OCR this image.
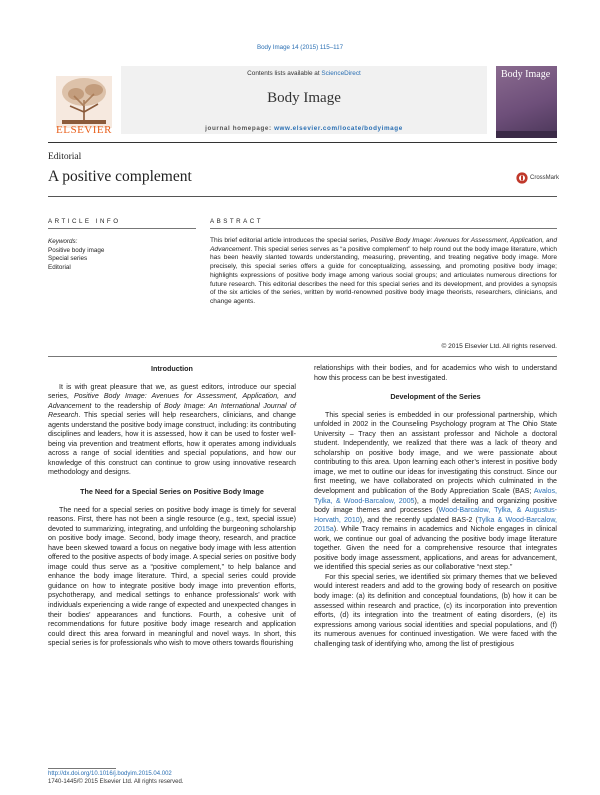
Body Image 14 (2015) 115–117
ELSEVIER
Contents lists available at ScienceDirect
Body Image
journal homepage: www.elsevier.com/locate/bodyimage
Body Image
Editorial
A positive complement	CrossMark
ARTICLE INFO	ABSTRACT
Keywords:
Positive body image
Special series
Editorial
This brief editorial article introduces the special series, Positive Body Image: Avenues for Assessment, Application, and Advancement. This special series serves as “a positive complement” to help round out the body image literature, which has been heavily slanted towards understanding, measuring, preventing, and treating negative body image. More precisely, this special series offers a guide for conceptualizing, assessing, and promoting positive body image; highlights expressions of positive body image among various social groups; and articulates numerous directions for future research. This editorial describes the need for this special series and its development, and provides a synopsis of the six articles of the series, written by world-renowned positive body image theorists, researchers, clinicians, and change agents.
© 2015 Elsevier Ltd. All rights reserved.

Introduction

It is with great pleasure that we, as guest editors, introduce our special series, Positive Body Image: Avenues for Assessment, Application, and Advancement to the readership of Body Image: An International Journal of Research. This special series will help researchers, clinicians, and change agents understand the positive body image construct, including: its contributing disciplines and leaders, how it is assessed, how it can be used to foster well-being via prevention and treatment efforts, how it operates among individuals across a range of social identities and special populations, and how our knowledge of this construct can continue to grow using innovative research methodology and designs.

The Need for a Special Series on Positive Body Image

The need for a special series on positive body image is timely for several reasons. First, there has not been a single resource (e.g., text, special issue) devoted to summarizing, integrating, and unfolding the burgeoning scholarship on positive body image. Second, body image theory, research, and practice have been skewed toward a focus on negative body image with less attention offered to the positive aspects of body image. A special series on positive body image could thus serve as a “positive complement,” to help balance and enhance the body image literature. Third, a special series could provide guidance on how to integrate positive body image into prevention efforts, psychotherapy, and medical settings to enhance professionals’ work with individuals experiencing a wide range of expected and unexpected changes in their bodies’ appearances and functions. Fourth, a cohesive unit of recommendations for future positive body image research and application could direct this area forward in meaningful and novel ways. In short, this special series is for professionals who wish to move others towards flourishing

relationships with their bodies, and for academics who wish to understand how this process can be best investigated.

Development of the Series

This special series is embedded in our professional partnership, which unfolded in 2002 in the Counseling Psychology program at The Ohio State University – Tracy then an assistant professor and Nichole a doctoral student. Independently, we realized that there was a lack of theory and scholarship on positive body image, and we were passionate about contributing to this area. Upon learning each other’s interest in positive body image, we met to outline our ideas for investigating this construct. Since our first meeting, we have collaborated on projects which culminated in the development and publication of the Body Appreciation Scale (BAS; Avalos, Tylka, & Wood-Barcalow, 2005), a model detailing and organizing positive body image themes and processes (Wood-Barcalow, Tylka, & Augustus-Horvath, 2010), and the recently updated BAS-2 (Tylka & Wood-Barcalow, 2015a). While Tracy remains in academics and Nichole engages in clinical work, we continue our goal of advancing the positive body image literature together. Given the need for a comprehensive resource that integrates positive body image assessment, applications, and areas for advancement, we identified this special series as our collaborative “next step.”

For this special series, we identified six primary themes that we believed would interest readers and add to the growing body of research on positive body image: (a) its definition and conceptual foundations, (b) how it can be assessed within research and practice, (c) its incorporation into prevention efforts, (d) its integration into the treatment of eating disorders, (e) its expressions among various social identities and special populations, and (f) its numerous avenues for continued investigation. We were faced with the challenging task of identifying who, among the list of prestigious

http://dx.doi.org/10.1016/j.bodyim.2015.04.002
1740-1445/© 2015 Elsevier Ltd. All rights reserved.
